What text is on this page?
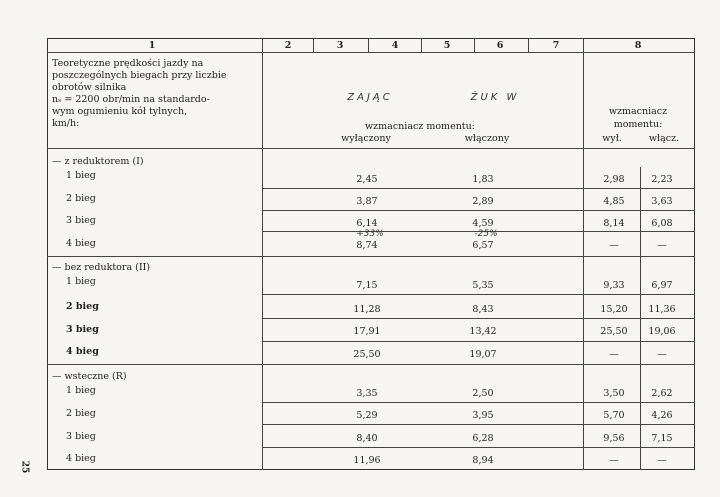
1	2	3	4	5	6	7	8
Teoretyczne prędkości jazdy na
poszczególnych biegach przy liczbie
obrotów silnika
nₛ = 2200 obr/min na standardo-
wym ogumieniu kół tylnych,
km/h:
ZAJĄC	ŻUK W
wzmacniacz momentu:
wyłączony	włączony
wzmacniacz
momentu:
wył.	włącz.
— z reduktorem (I)
1 bieg	2,45	1,83	2,98	2,23
2 bieg	3,87	2,89	4,85	3,63
3 bieg	6,14	4,59	8,14	6,08
+33%	-25%
4 bieg	8,74	6,57	—	—
— bez reduktora (II)
1 bieg	7,15	5,35	9,33	6,97
2 bieg	11,28	8,43	15,20 11,36
3 bieg	17,91	13,42	25,50 19,06
4 bieg	25,50	19,07	—	—
— wsteczne (R)
1 bieg	3,35	2,50	3,50	2,62
2 bieg	5,29	3,95	5,70	4,26
3 bieg	8,40	6,28	9,56	7,15
4 bieg	11,96	8,94	—	—
25
